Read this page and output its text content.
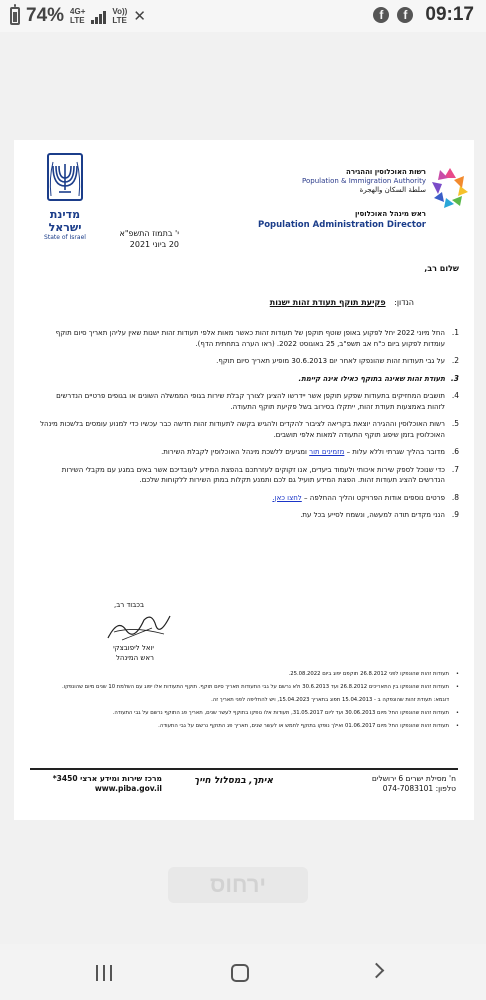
74% 4G+
LTE
Vo))
LTE ✕	f	f 09:17
מדינת ישראל
State of Israel
רשות האוכלוסין וההגירה
Population & Immigration Authority
سلطة السكان والهجرة
ראש מינהל האוכלוסין
Population Administration Director
י' בתמוז התשפ"א
20 ביוני 2021
שלום רב,
הנדון: פקיעת תוקף תעודת זהות ישנות
1.
החל מיוני 2022 יחל לפקוע באופן שוטף תוקפן של תעודות זהות כאשר מאות אלפי תעודות זהות ישנות שאין עליהן תאריך סיום תוקף עומדות לפקוע ביום כ"ח אב תשפ"ב, 25 באוגוסט 2022. (ראו הערה בתחתית הדף).
2.
על גבי תעודות זהות שהונפקו לאחר יום 30.6.2013 מופיע תאריך סיום תוקף.
3.
תעודת זהות שאינה בתוקף כאילו אינה קיימת.
4.
תושבים המחזיקים בתעודות שפקע תוקפן אשר יידרשו להציגן לצורך קבלת שירות בגופי הממשלה השונים או בגופים פרטיים הנדרשים לזהות באמצעות תעודת זהות, ייתקלו בסירוב בשל פקיעת תוקף התעודה.
5.
רשות האוכלוסין וההגירה יוצאת בקריאה לציבור להקדים ולהגיש בקשה לתעודות זהות חדשה כבר עכשיו כדי למנוע עומסים בלשכות מינהל האוכלוסין בזמן שיפוג תוקף התעודה למאות אלפי תושבים.
6.
מדובר בהליך שגרתי וללא עלות – מזמינים תור ומגיעים ללשכת מינהל האוכלוסין לקבלת השירות.
7.
כדי שנוכל לספק שירות איכותי ולעמוד ביעדים, אנו זקוקים לעזרתכם בהפצת המידע לעובדיכם אשר באים במגע עם מקבלי השירות הנדרשים להציג תעודות זהות. הפצת המידע תועיל גם לכם ותמנע תקלות במתן השירות ללקוחות שלכם.
8.
פרטים נוספים אודות הפרויקט והליך ההחלפה – לחצו כאן.
9.
הנני מקדים תודה למעשה, ונשמח לסייע בכל עת.
בכבוד רב,
יואל ליפובצקי
ראש המינהל
•
תעודות זהות שהונפקו לפני 26.8.2012 תוקפם יפוג ביום 25.08.2022.
•
תעודות זהות שהונפקו בין התאריכים 26.8.2012 ועד 30.6.2013 ולא נרשם על גבי התעודות תאריך סיום תוקף. תוקף התעודות אלו יפוג עם השלמת 10 שנים מיום שהונפקו.
דוגמא: תעודת זהות שהונפקה ב - 15.04.2013 תפוג בתאריך 15.04.2023, ויש להחליפה לפני תאריך זה.
•
תעודות זהות שהונפקו החל מיום 30.06.2013 ועד ליום 31.05.2017, תעודות אלו נופקו בתוקף לעשר שנים, תאריך פג התוקף נרשם על גבי התעודה.
•
תעודות זהות שהונפקו החל מיום 01.06.2017 ואילך נופקו בתוקף לחמש או לעשר שנים, תאריך פג התוקף נרשם על גבי התעודה.
ח' מסילת ישרים 6 ירושלים
טלפון: 074-7083101
איתך, במסלול חייך
מרכז שירות ומידע ארצי 3450*
www.piba.gov.il
ירחוס
